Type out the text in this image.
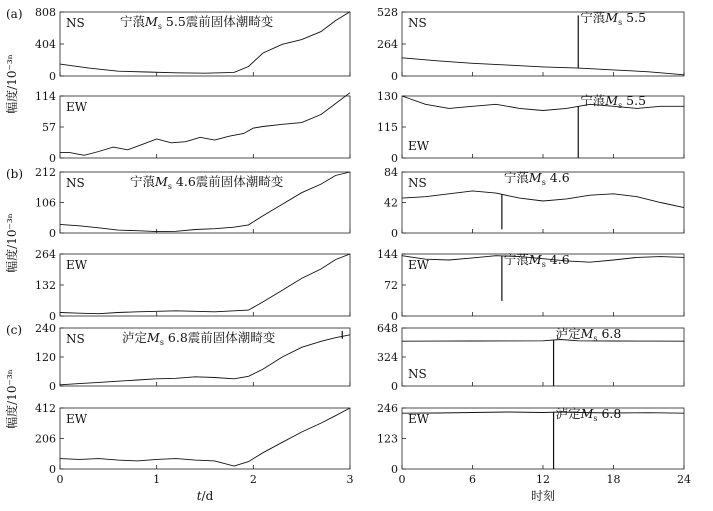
0
404
808
NS	宁蒗$M_s$ 5.5震前固体潮畸变
0
57
114
EW
0
264
528
NS	宁蒗$M_s$ 5.5
0
115
130
EW
宁蒗$M_s$ 5.5
0
106
212
NS	宁蒗$M_s$ 4.6震前固体潮畸变
0
132
264
EW
0
42
84
NS	宁蒗$M_s$ 4.6
0
72
144
EW	宁蒗$M_s$ 4.6
0
120
240
NS	泸定$M_s$ 6.8震前固体潮畸变
0
206
412
0	1	2	3
EW
0
324
648
NS
泸定$M_s$ 6.8
0
123
246
0	6	12	18	24
EW	泸定$M_s$ 6.8
(a)
(b)
(c)
幅度/10⁻³ⁿ
幅度/10⁻³ⁿ
幅度/10⁻³ⁿ
t/d	时刻
